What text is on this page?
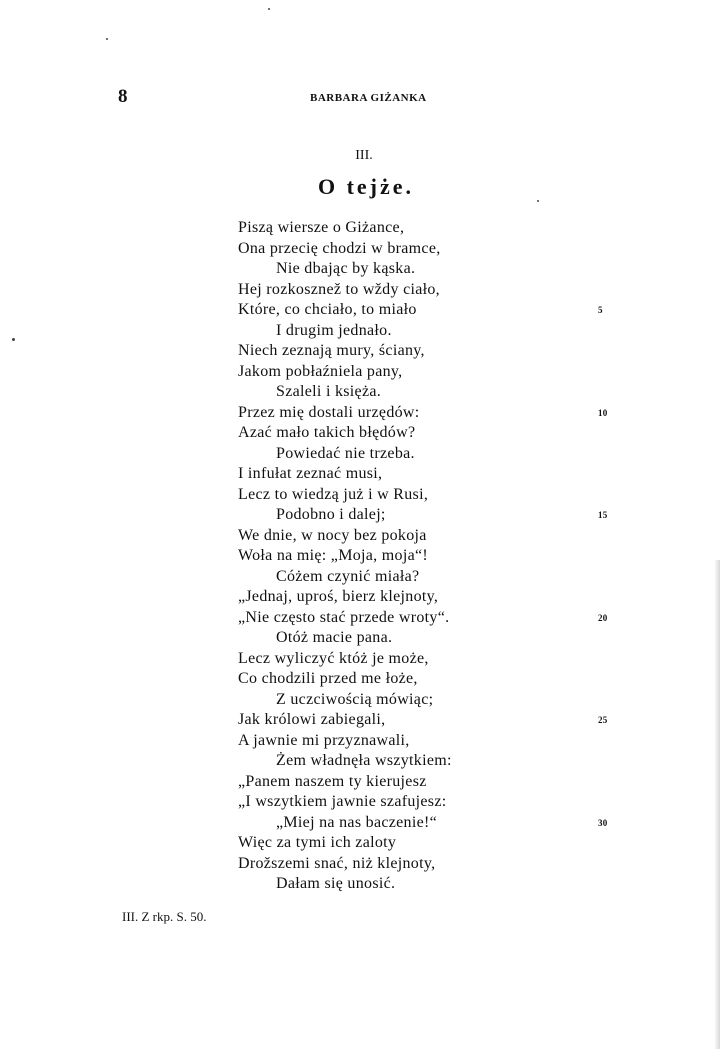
8	BARBARA GIŻANKA
III.
O tejże.
Piszą wiersze o Giżance,
Ona przecię chodzi w bramce,
Nie dbając by kąska.
Hej rozkosznež to wždy ciało,
Które, co chciało, to miało	5
I drugim jednało.
Niech zeznają mury, ściany,
Jakom pobłaźniela pany,
Szaleli i księża.
Przez mię dostali urzędów:	10
Azać mało takich błędów?
Powiedać nie trzeba.
I infułat zeznać musi,
Lecz to wiedzą już i w Rusi,
Podobno i dalej;	15
We dnie, w nocy bez pokoja
Woła na mię: „Moja, moja“!
Cóżem czynić miała?
„Jednaj, uproś, bierz klejnoty,
„Nie często stać przede wroty“.	20
Otóż macie pana.
Lecz wyliczyć któż je może,
Co chodzili przed me łoże,
Z uczciwością mówiąc;
Jak królowi zabiegali,	25
A jawnie mi przyznawali,
Żem władnęła wszytkiem:
„Panem naszem ty kierujesz
„I wszytkiem jawnie szafujesz:
„Miej na nas baczenie!“	30
Więc za tymi ich zaloty
Drožszemi snać, niż klejnoty,
Dałam się unosić.
III. Z rkp. S. 50.
